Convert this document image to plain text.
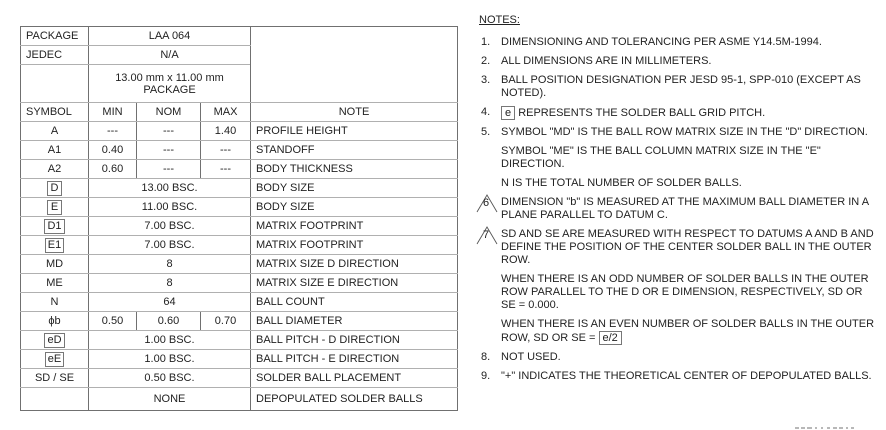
PACKAGE	LAA 064			
JEDEC	N/A			

	13.00 mm x 11.00 mm
PACKAGE			

SYMBOL	MIN	NOM	MAX	NOTE
A	---	---	1.40	PROFILE HEIGHT
A1	0.40	---	---	STANDOFF
A2	0.60	---	---	BODY THICKNESS
D	13.00 BSC.			BODY SIZE
E	11.00 BSC.			BODY SIZE
D1	7.00 BSC.			MATRIX FOOTPRINT
E1	7.00 BSC.			MATRIX FOOTPRINT
MD	8			MATRIX SIZE D DIRECTION
ME	8			MATRIX SIZE E DIRECTION
N	64			BALL COUNT
ϕb	0.50	0.60	0.70	BALL DIAMETER
eD	1.00 BSC.			BALL PITCH - D DIRECTION
eE	1.00 BSC.			BALL PITCH - E DIRECTION
SD / SE	0.50 BSC.			SOLDER BALL PLACEMENT
	NONE			DEPOPULATED SOLDER BALLS
NOTES:
1. DIMENSIONING AND TOLERANCING PER ASME Y14.5M-1994.
2. ALL DIMENSIONS ARE IN MILLIMETERS.
3. BALL POSITION DESIGNATION PER JESD 95-1, SPP-010 (EXCEPT AS NOTED).
4. e REPRESENTS THE SOLDER BALL GRID PITCH.
5. SYMBOL "MD" IS THE BALL ROW MATRIX SIZE IN THE "D" DIRECTION.
SYMBOL "ME" IS THE BALL COLUMN MATRIX SIZE IN THE "E" DIRECTION.
N IS THE TOTAL NUMBER OF SOLDER BALLS.
6 DIMENSION "b" IS MEASURED AT THE MAXIMUM BALL DIAMETER IN A PLANE PARALLEL TO DATUM C.
7 SD AND SE ARE MEASURED WITH RESPECT TO DATUMS A AND B AND DEFINE THE POSITION OF THE CENTER SOLDER BALL IN THE OUTER ROW.
WHEN THERE IS AN ODD NUMBER OF SOLDER BALLS IN THE OUTER ROW PARALLEL TO THE D OR E DIMENSION, RESPECTIVELY, SD OR SE = 0.000.
WHEN THERE IS AN EVEN NUMBER OF SOLDER BALLS IN THE OUTER ROW, SD OR SE = e/2
8. NOT USED.
9. "+" INDICATES THE THEORETICAL CENTER OF DEPOPULATED BALLS.
